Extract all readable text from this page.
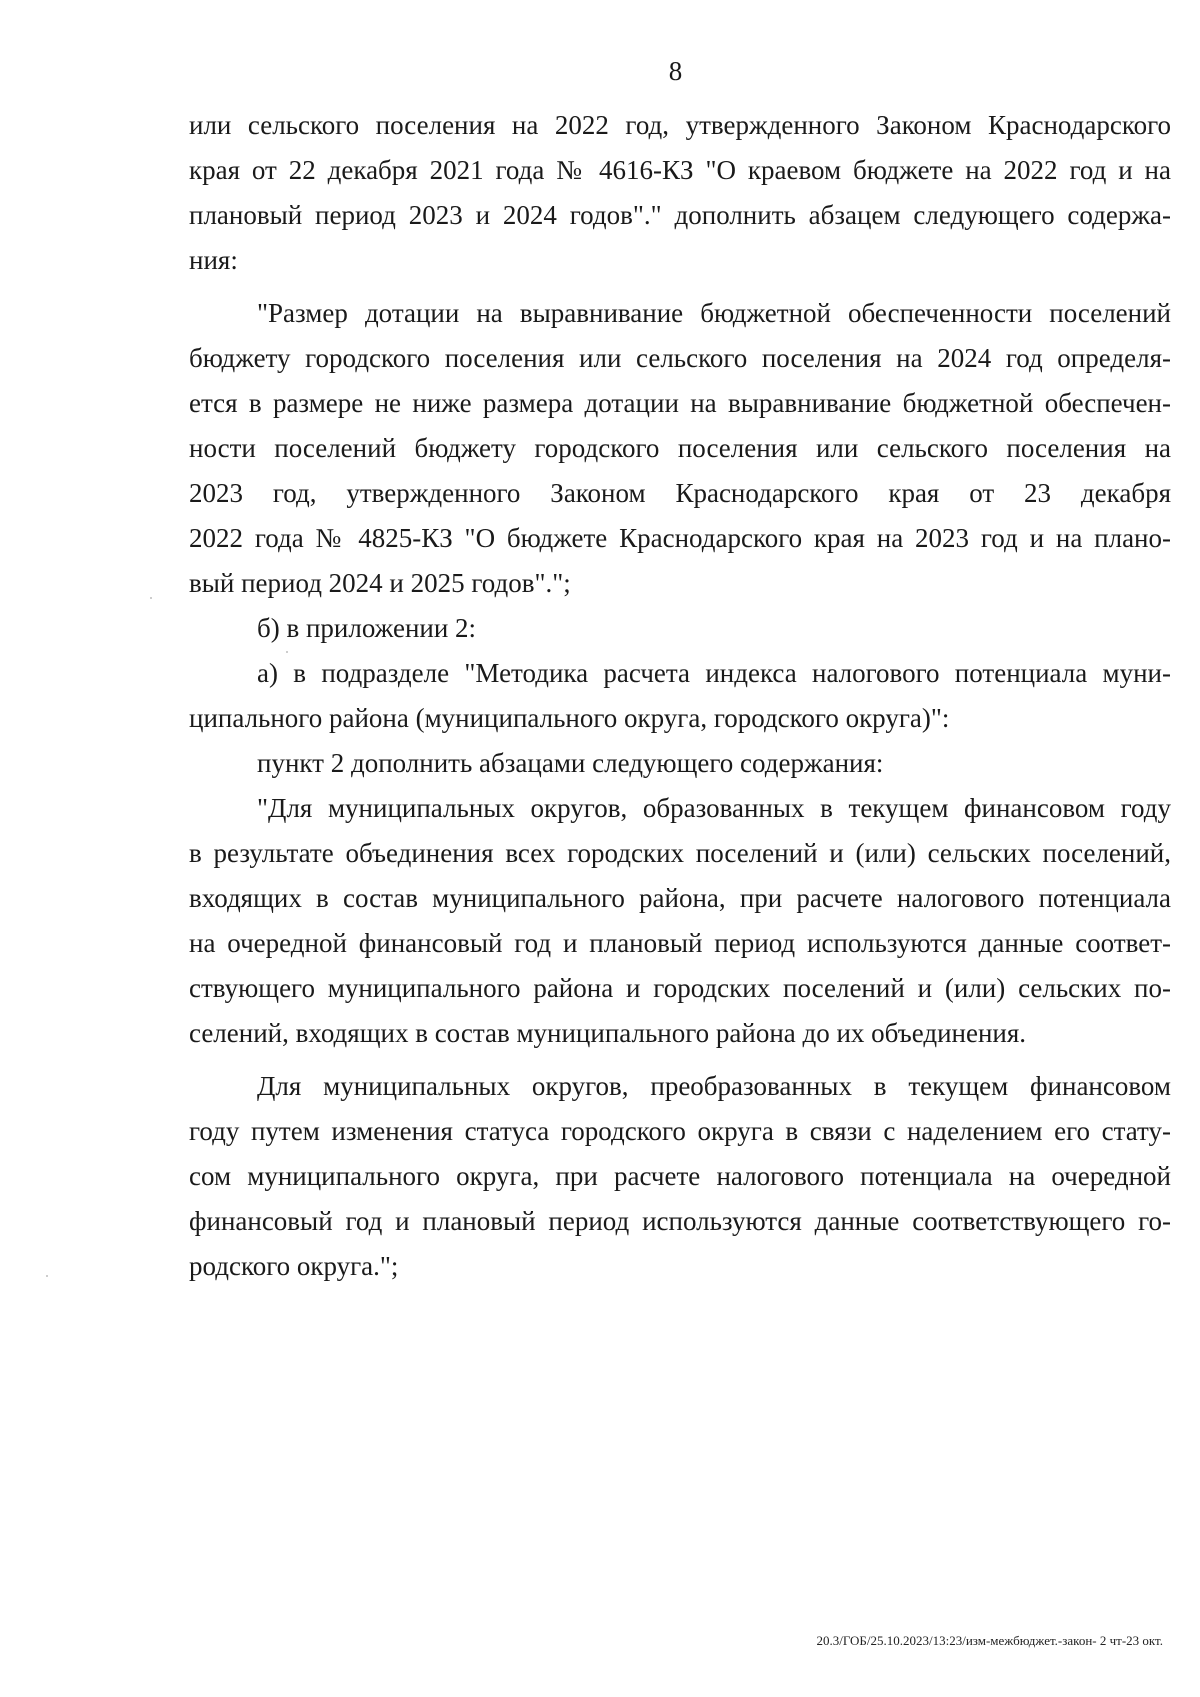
8

или сельского поселения на 2022 год, утвержденного Законом Краснодарского
края от 22 декабря 2021 года № 4616-КЗ "О краевом бюджете на 2022 год и на
плановый период 2023 и 2024 годов"." дополнить абзацем следующего содержа-
ния:

"Размер дотации на выравнивание бюджетной обеспеченности поселений
бюджету городского поселения или сельского поселения на 2024 год определя-
ется в размере не ниже размера дотации на выравнивание бюджетной обеспечен-
ности поселений бюджету городского поселения или сельского поселения на
2023 год, утвержденного Законом Краснодарского края от 23 декабря
2022 года № 4825-КЗ "О бюджете Краснодарского края на 2023 год и на плано-
вый период 2024 и 2025 годов".";

б) в приложении 2:

а) в подразделе "Методика расчета индекса налогового потенциала муни-
ципального района (муниципального округа, городского округа)":

пункт 2 дополнить абзацами следующего содержания:

"Для муниципальных округов, образованных в текущем финансовом году
в результате объединения всех городских поселений и (или) сельских поселений,
входящих в состав муниципального района, при расчете налогового потенциала
на очередной финансовый год и плановый период используются данные соответ-
ствующего муниципального района и городских поселений и (или) сельских по-
селений, входящих в состав муниципального района до их объединения.

Для муниципальных округов, преобразованных в текущем финансовом
году путем изменения статуса городского округа в связи с наделением его стату-
сом муниципального округа, при расчете налогового потенциала на очередной
финансовый год и плановый период используются данные соответствующего го-
родского округа.";

20.3/ГОБ/25.10.2023/13:23/изм-межбюджет.-закон- 2 чт-23 окт.
